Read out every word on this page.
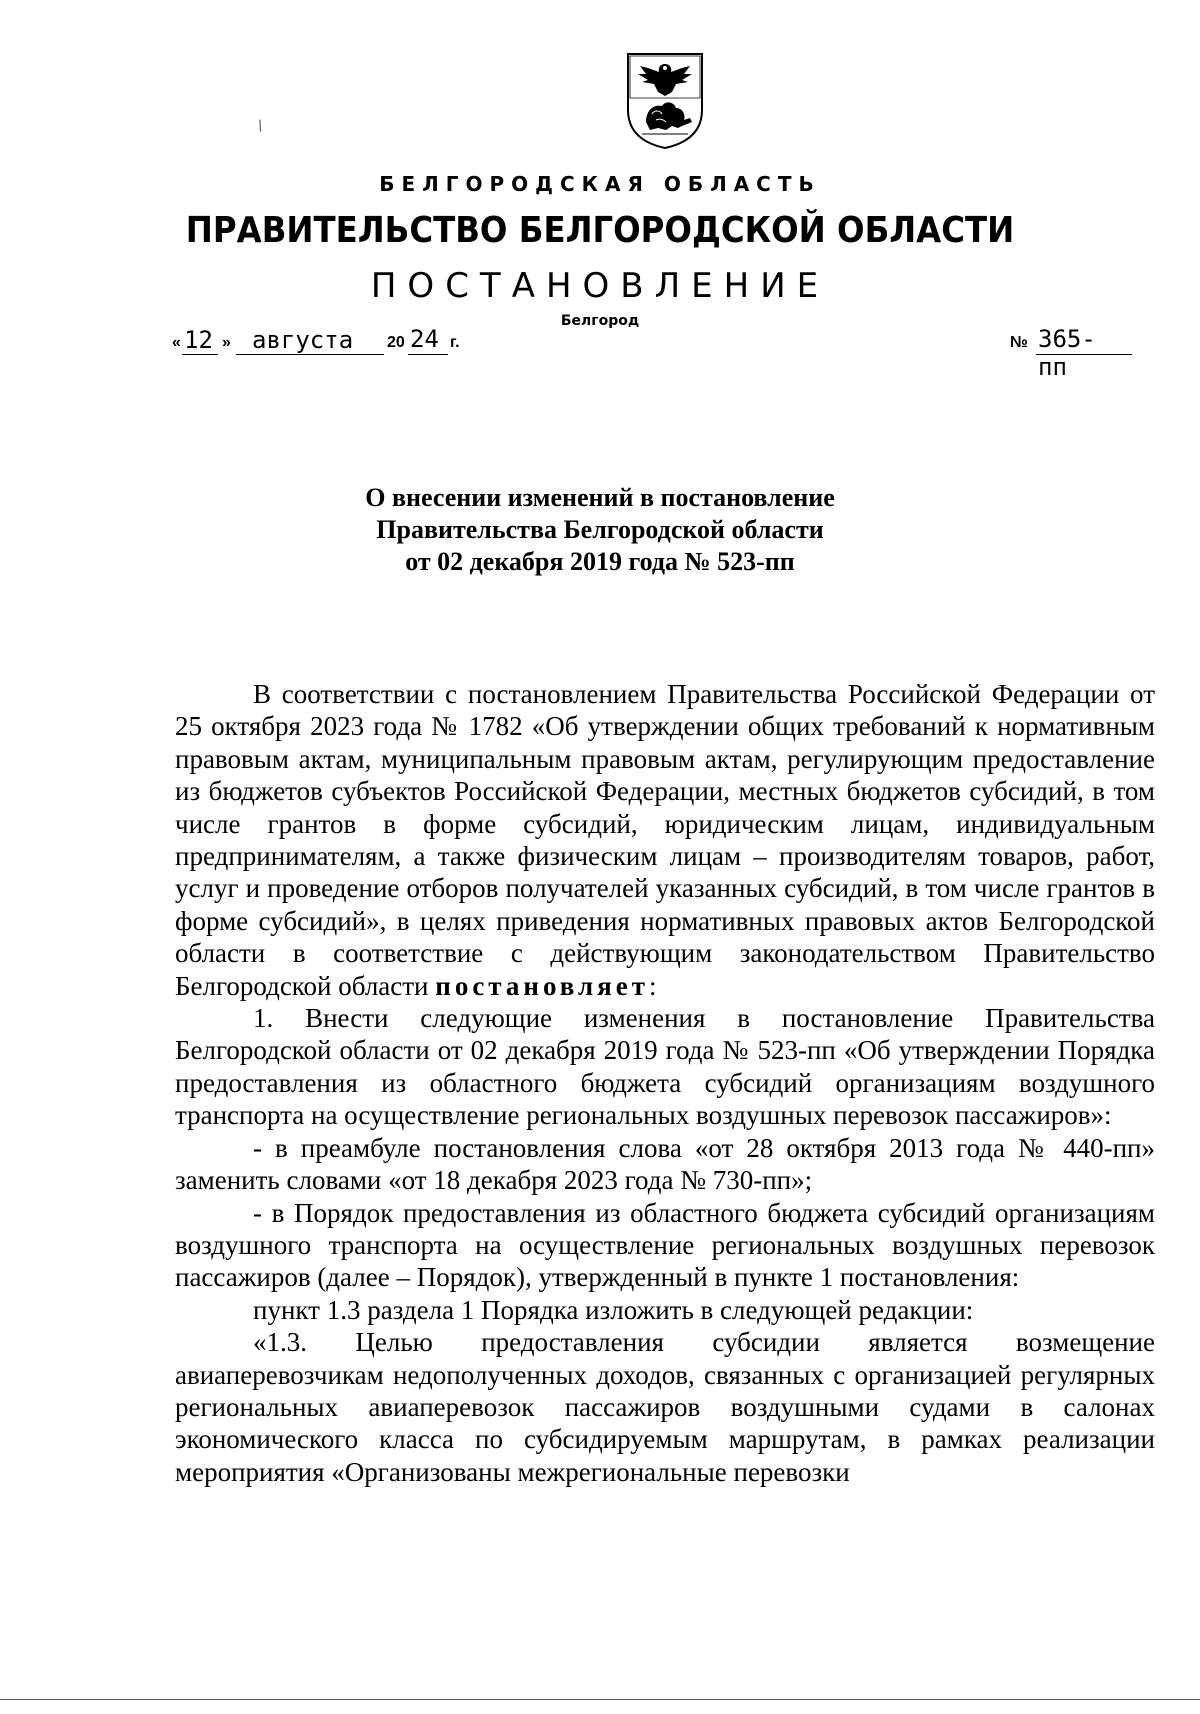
/
БЕЛГОРОДСКАЯ ОБЛАСТЬ
ПРАВИТЕЛЬСТВО БЕЛГОРОДСКОЙ ОБЛАСТИ
ПОСТАНОВЛЕНИЕ
Белгород
« 12 » августа 20 24 г.	№ 365-пп
О внесении изменений в постановление
Правительства Белгородской области
от 02 декабря 2019 года № 523-пп

В соответствии с постановлением Правительства Российской Федерации от 25 октября 2023 года № 1782 «Об утверждении общих требований к нормативным правовым актам, муниципальным правовым актам, регулирующим предоставление из бюджетов субъектов Российской Федерации, местных бюджетов субсидий, в том числе грантов в форме субсидий, юридическим лицам, индивидуальным предпринимателям, а также физическим лицам – производителям товаров, работ, услуг и проведение отборов получателей указанных субсидий, в том числе грантов в форме субсидий», в целях приведения нормативных правовых актов Белгородской области в соответствие с действующим законодательством Правительство Белгородской области постановляет:

1. Внести следующие изменения в постановление Правительства Белгородской области от 02 декабря 2019 года № 523-пп «Об утверждении Порядка предоставления из областного бюджета субсидий организациям воздушного транспорта на осуществление региональных воздушных перевозок пассажиров»:

- в преамбуле постановления слова «от 28 октября 2013 года № 440-пп» заменить словами «от 18 декабря 2023 года № 730-пп»;

- в Порядок предоставления из областного бюджета субсидий организациям воздушного транспорта на осуществление региональных воздушных перевозок пассажиров (далее – Порядок), утвержденный в пункте 1 постановления:

пункт 1.3 раздела 1 Порядка изложить в следующей редакции:

«1.3. Целью предоставления субсидии является возмещение авиаперевозчикам недополученных доходов, связанных с организацией регулярных региональных авиаперевозок пассажиров воздушными судами в салонах экономического класса по субсидируемым маршрутам, в рамках реализации мероприятия «Организованы межрегиональные перевозки
